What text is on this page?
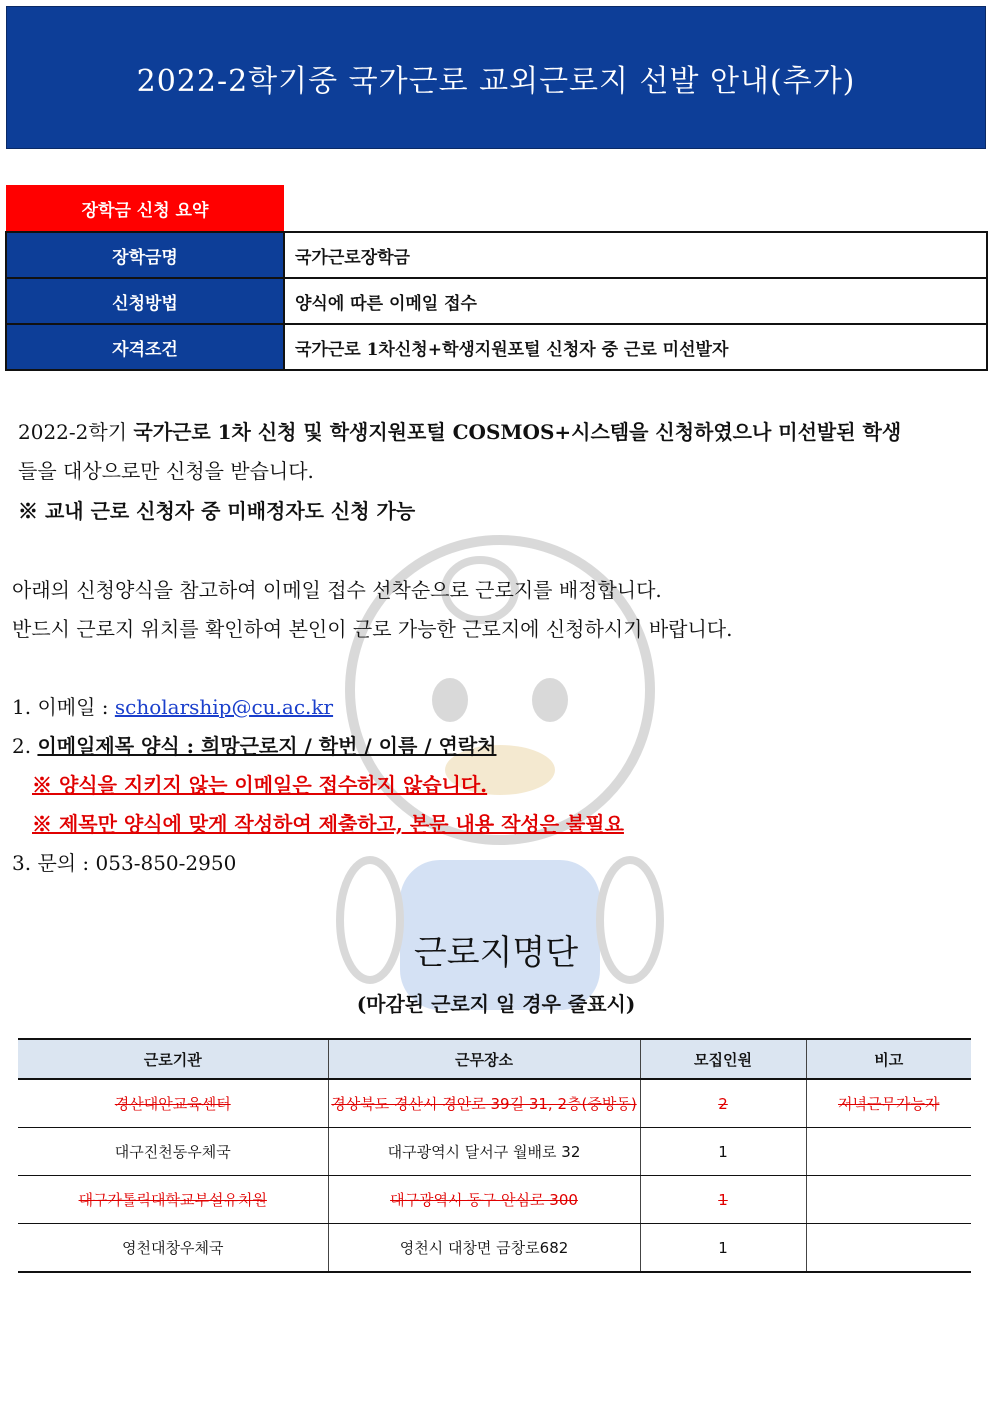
2022-2학기중 국가근로 교외근로지 선발 안내(추가)
장학금 신청 요약
장학금명	국가근로장학금
신청방법	양식에 따른 이메일 접수
자격조건	국가근로 1차신청+학생지원포털 신청자 중 근로 미선발자
2022-2학기 국가근로 1차 신청 및 학생지원포털 COSMOS+시스템을 신청하였으나 미선발된 학생
들을 대상으로만 신청을 받습니다.
※ 교내 근로 신청자 중 미배정자도 신청 가능
아래의 신청양식을 참고하여 이메일 접수 선착순으로 근로지를 배정합니다.
반드시 근로지 위치를 확인하여 본인이 근로 가능한 근로지에 신청하시기 바랍니다.
1. 이메일 : scholarship@cu.ac.kr
2. 이메일제목 양식 : 희망근로지 / 학번 / 이름 / 연락처
※ 양식을 지키지 않는 이메일은 접수하지 않습니다.
※ 제목만 양식에 맞게 작성하여 제출하고, 본문 내용 작성은 불필요
3. 문의 : 053-850-2950
근로지명단
(마감된 근로지 일 경우 줄표시)
근로기관	근무장소	모집인원	비고
경산대안교육센터	경상북도 경산시 경안로 39길 31, 2층(중방동)	2	저녁근무가능자
대구진천동우체국	대구광역시 달서구 월배로 32	1	
대구가톨릭대학교부설유치원	대구광역시 동구 안심로 300	1	
영천대창우체국	영천시 대창면 금창로682	1	
